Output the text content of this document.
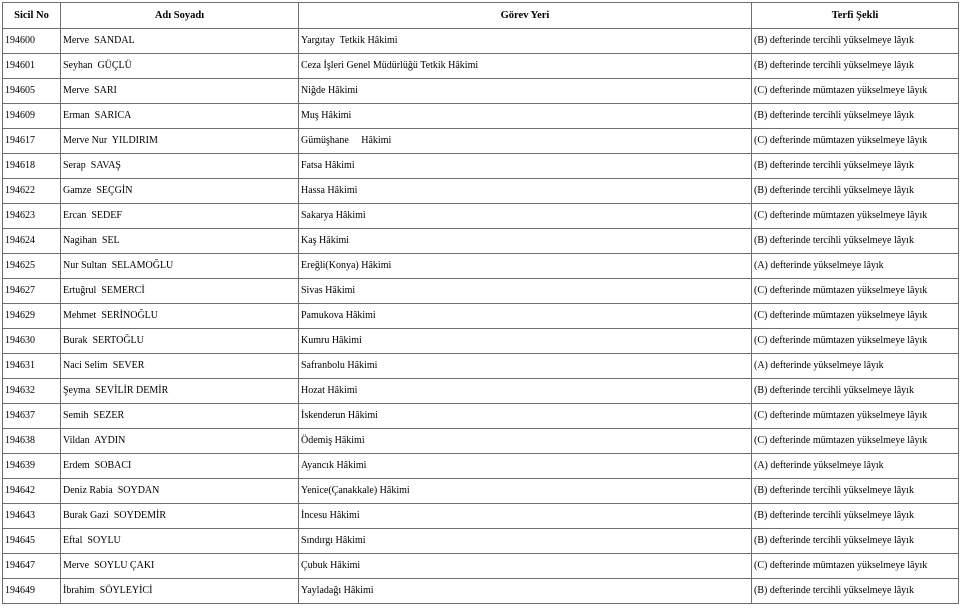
Sicil No	Adı Soyadı	Görev Yeri	Terfi Şekli
194600	Merve  SANDAL	Yargıtay  Tetkik Hâkimi	(B) defterinde tercihli yükselmeye lâyık
194601	Seyhan  GÜÇLÜ	Ceza İşleri Genel Müdürlüğü Tetkik Hâkimi	(B) defterinde tercihli yükselmeye lâyık
194605	Merve  SARI	Niğde Hâkimi	(C) defterinde mümtazen yükselmeye lâyık
194609	Erman  SARICA	Muş Hâkimi	(B) defterinde tercihli yükselmeye lâyık
194617	Merve Nur  YILDIRIM	Gümüşhane     Hâkimi	(C) defterinde mümtazen yükselmeye lâyık
194618	Serap  SAVAŞ	Fatsa Hâkimi	(B) defterinde tercihli yükselmeye lâyık
194622	Gamze  SEÇGİN	Hassa Hâkimi	(B) defterinde tercihli yükselmeye lâyık
194623	Ercan  SEDEF	Sakarya Hâkimi	(C) defterinde mümtazen yükselmeye lâyık
194624	Nagihan  SEL	Kaş Hâkimi	(B) defterinde tercihli yükselmeye lâyık
194625	Nur Sultan  SELAMOĞLU	Ereğli(Konya) Hâkimi	(A) defterinde yükselmeye lâyık
194627	Ertuğrul  SEMERCİ	Sivas Hâkimi	(C) defterinde mümtazen yükselmeye lâyık
194629	Mehmet  SERİNOĞLU	Pamukova Hâkimi	(C) defterinde mümtazen yükselmeye lâyık
194630	Burak  SERTOĞLU	Kumru Hâkimi	(C) defterinde mümtazen yükselmeye lâyık
194631	Naci Selim  SEVER	Safranbolu Hâkimi	(A) defterinde yükselmeye lâyık
194632	Şeyma  SEVİLİR DEMİR	Hozat Hâkimi	(B) defterinde tercihli yükselmeye lâyık
194637	Semih  SEZER	İskenderun Hâkimi	(C) defterinde mümtazen yükselmeye lâyık
194638	Vildan  AYDIN	Ödemiş Hâkimi	(C) defterinde mümtazen yükselmeye lâyık
194639	Erdem  SOBACI	Ayancık Hâkimi	(A) defterinde yükselmeye lâyık
194642	Deniz Rabia  SOYDAN	Yenice(Çanakkale) Hâkimi	(B) defterinde tercihli yükselmeye lâyık
194643	Burak Gazi  SOYDEMİR	İncesu Hâkimi	(B) defterinde tercihli yükselmeye lâyık
194645	Eftal  SOYLU	Sındırgı Hâkimi	(B) defterinde tercihli yükselmeye lâyık
194647	Merve  SOYLU ÇAKI	Çubuk Hâkimi	(C) defterinde mümtazen yükselmeye lâyık
194649	İbrahim  SÖYLEYİCİ	Yayladağı Hâkimi	(B) defterinde tercihli yükselmeye lâyık
